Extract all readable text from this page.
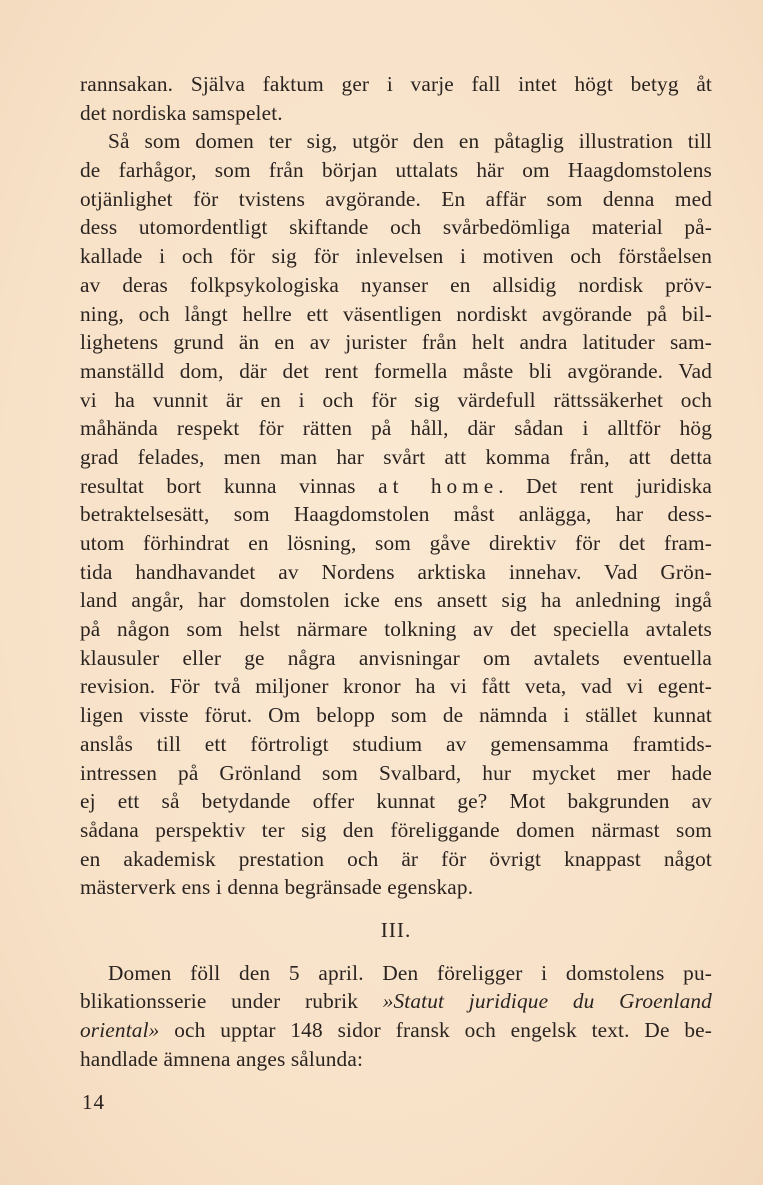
rannsakan. Själva faktum ger i varje fall intet högt betyg åt
det nordiska samspelet.
Så som domen ter sig, utgör den en påtaglig illustration till
de farhågor, som från början uttalats här om Haagdomstolens
otjänlighet för tvistens avgörande. En affär som denna med
dess utomordentligt skiftande och svårbedömliga material på-
kallade i och för sig för inlevelsen i motiven och förståelsen
av deras folkpsykologiska nyanser en allsidig nordisk pröv-
ning, och långt hellre ett väsentligen nordiskt avgörande på bil-
lighetens grund än en av jurister från helt andra latituder sam-
manställd dom, där det rent formella måste bli avgörande. Vad
vi ha vunnit är en i och för sig värdefull rättssäkerhet och
måhända respekt för rätten på håll, där sådan i alltför hög
grad felades, men man har svårt att komma från, att detta
resultat bort kunna vinnas at home. Det rent juridiska
betraktelsesätt, som Haagdomstolen måst anlägga, har dess-
utom förhindrat en lösning, som gåve direktiv för det fram-
tida handhavandet av Nordens arktiska innehav. Vad Grön-
land angår, har domstolen icke ens ansett sig ha anledning ingå
på någon som helst närmare tolkning av det speciella avtalets
klausuler eller ge några anvisningar om avtalets eventuella
revision. För två miljoner kronor ha vi fått veta, vad vi egent-
ligen visste förut. Om belopp som de nämnda i stället kunnat
anslås till ett förtroligt studium av gemensamma framtids-
intressen på Grönland som Svalbard, hur mycket mer hade
ej ett så betydande offer kunnat ge? Mot bakgrunden av
sådana perspektiv ter sig den föreliggande domen närmast som
en akademisk prestation och är för övrigt knappast något
mästerverk ens i denna begränsade egenskap.
III.
Domen föll den 5 april. Den föreligger i domstolens pu-
blikationsserie under rubrik »Statut juridique du Groenland
oriental» och upptar 148 sidor fransk och engelsk text. De be-
handlade ämnena anges sålunda:
14
